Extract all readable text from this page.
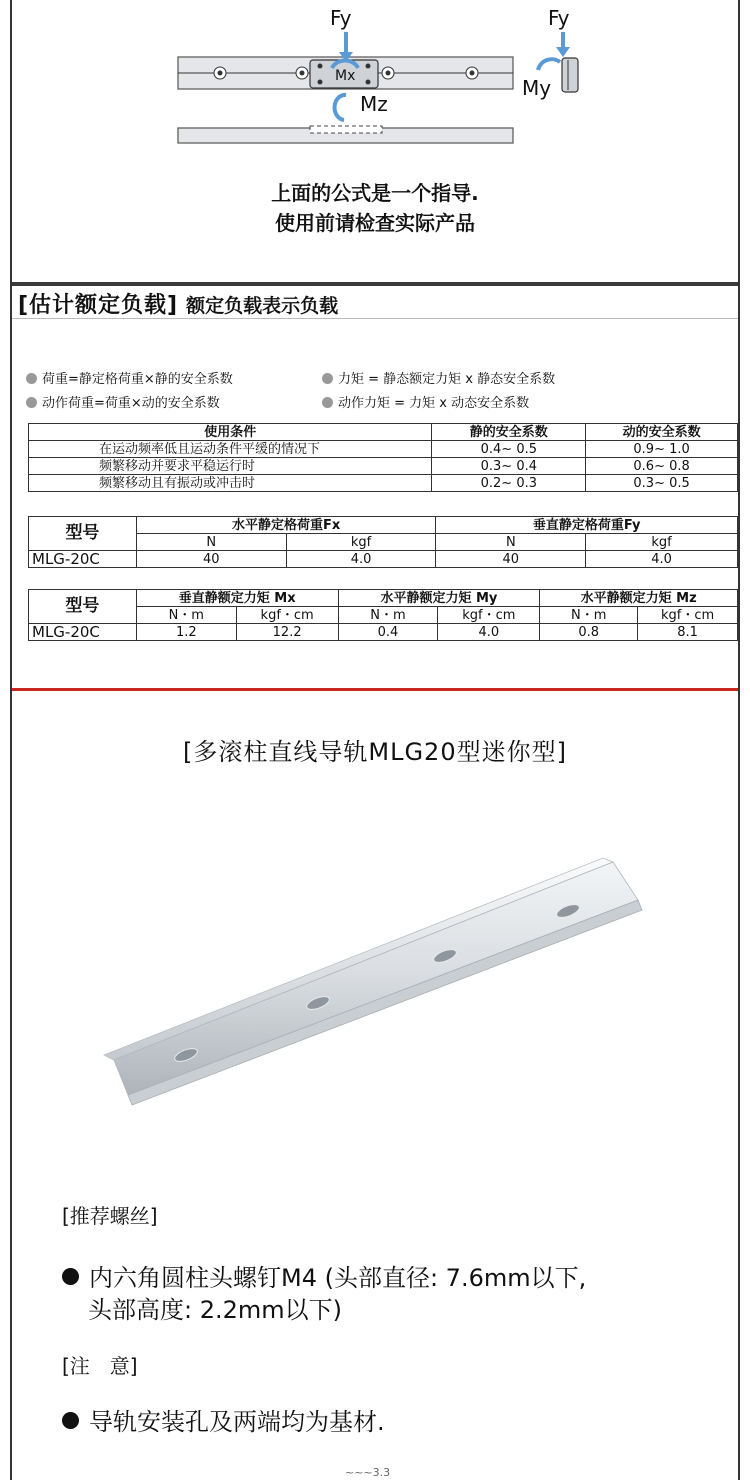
Fy	Fy
Mx	My
Mz
上面的公式是一个指导.
使用前请检查实际产品
[估计额定负载] 额定负载表示负载
荷重=静定格荷重×静的安全系数	力矩 = 静态额定力矩 x 静态安全系数
动作荷重=荷重×动的安全系数	动作力矩 = 力矩 x 动态安全系数
使用条件	静的安全系数	动的安全系数
在运动频率低且运动条件平缓的情况下	0.4~ 0.5	0.9~ 1.0
频繁移动并要求平稳运行时	0.3~ 0.4	0.6~ 0.8
频繁移动且有振动或冲击时	0.2~ 0.3	0.3~ 0.5
型号	水平静定格荷重Fx		垂直静定格荷重Fy	
	N	kgf	N	kgf
MLG-20C	40	4.0	40	4.0
型号	垂直静额定力矩 Mx		水平静额定力矩 My		水平静额定力矩 Mz	
	N・m	kgf・cm	N・m	kgf・cm	N・m	kgf・cm
MLG-20C	1.2	12.2	0.4	4.0	0.8	8.1
[多滚柱直线导轨MLG20型迷你型]
[推荐螺丝]
内六角圆柱头螺钉M4 (头部直径: 7.6mm以下,
头部高度: 2.2mm以下)
[注　意]
导轨安装孔及两端均为基材.
~~~3.3
